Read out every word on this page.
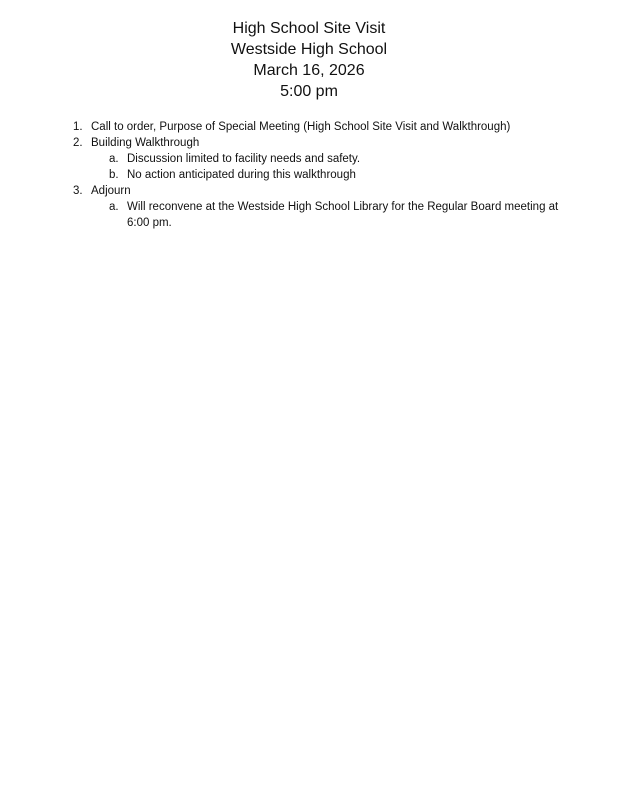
High School Site Visit
Westside High School
March 16, 2026
5:00 pm
1. Call to order, Purpose of Special Meeting (High School Site Visit and Walkthrough)
2. Building Walkthrough
a. Discussion limited to facility needs and safety.
b. No action anticipated during this walkthrough
3. Adjourn
a. Will reconvene at the Westside High School Library for the Regular Board meeting at
6:00 pm.
